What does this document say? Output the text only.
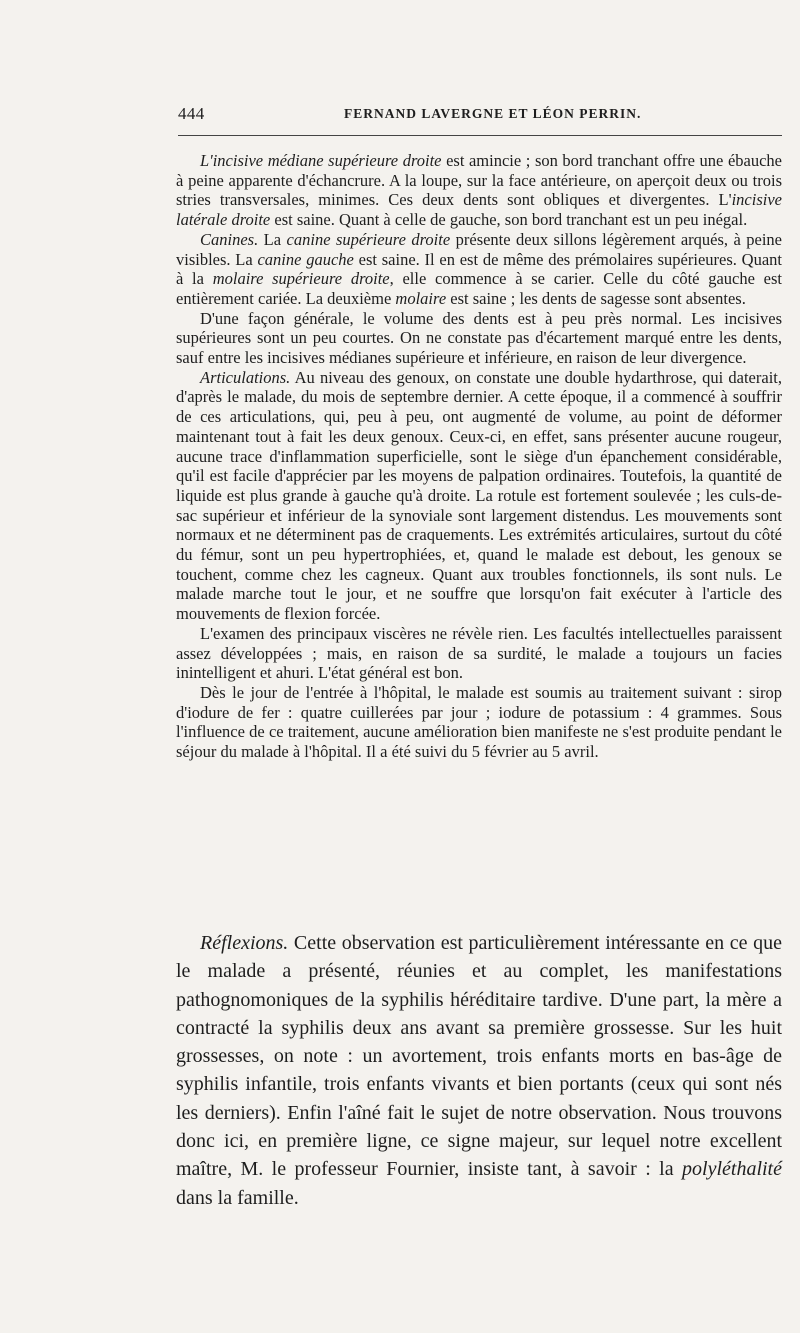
444	FERNAND LAVERGNE ET LÉON PERRIN.

L'incisive médiane supérieure droite est amincie ; son bord tranchant offre une ébauche à peine apparente d'échancrure. A la loupe, sur la face antérieure, on aperçoit deux ou trois stries transversales, minimes. Ces deux dents sont obliques et divergentes. L'incisive latérale droite est saine. Quant à celle de gauche, son bord tranchant est un peu inégal.

Canines. La canine supérieure droite présente deux sillons légèrement arqués, à peine visibles. La canine gauche est saine. Il en est de même des prémolaires supérieures. Quant à la molaire supérieure droite, elle commence à se carier. Celle du côté gauche est entièrement cariée. La deuxième molaire est saine ; les dents de sagesse sont absentes.

D'une façon générale, le volume des dents est à peu près normal. Les incisives supérieures sont un peu courtes. On ne constate pas d'écartement marqué entre les dents, sauf entre les incisives médianes supérieure et inférieure, en raison de leur divergence.

Articulations. Au niveau des genoux, on constate une double hydarthrose, qui daterait, d'après le malade, du mois de septembre dernier. A cette époque, il a commencé à souffrir de ces articulations, qui, peu à peu, ont augmenté de volume, au point de déformer maintenant tout à fait les deux genoux. Ceux-ci, en effet, sans présenter aucune rougeur, aucune trace d'inflammation superficielle, sont le siège d'un épanchement considérable, qu'il est facile d'apprécier par les moyens de palpation ordinaires. Toutefois, la quantité de liquide est plus grande à gauche qu'à droite. La rotule est fortement soulevée ; les culs-de-sac supérieur et inférieur de la synoviale sont largement distendus. Les mouvements sont normaux et ne déterminent pas de craquements. Les extrémités articulaires, surtout du côté du fémur, sont un peu hypertrophiées, et, quand le malade est debout, les genoux se touchent, comme chez les cagneux. Quant aux troubles fonctionnels, ils sont nuls. Le malade marche tout le jour, et ne souffre que lorsqu'on fait exécuter à l'article des mouvements de flexion forcée.

L'examen des principaux viscères ne révèle rien. Les facultés intellectuelles paraissent assez développées ; mais, en raison de sa surdité, le malade a toujours un facies inintelligent et ahuri. L'état général est bon.

Dès le jour de l'entrée à l'hôpital, le malade est soumis au traitement suivant : sirop d'iodure de fer : quatre cuillerées par jour ; iodure de potassium : 4 grammes. Sous l'influence de ce traitement, aucune amélioration bien manifeste ne s'est produite pendant le séjour du malade à l'hôpital. Il a été suivi du 5 février au 5 avril.

Réflexions. Cette observation est particulièrement intéressante en ce que le malade a présenté, réunies et au complet, les manifestations pathognomoniques de la syphilis héréditaire tardive. D'une part, la mère a contracté la syphilis deux ans avant sa première grossesse. Sur les huit grossesses, on note : un avortement, trois enfants morts en bas-âge de syphilis infantile, trois enfants vivants et bien portants (ceux qui sont nés les derniers). Enfin l'aîné fait le sujet de notre observation. Nous trouvons donc ici, en première ligne, ce signe majeur, sur lequel notre excellent maître, M. le professeur Fournier, insiste tant, à savoir : la polyléthalité dans la famille.
